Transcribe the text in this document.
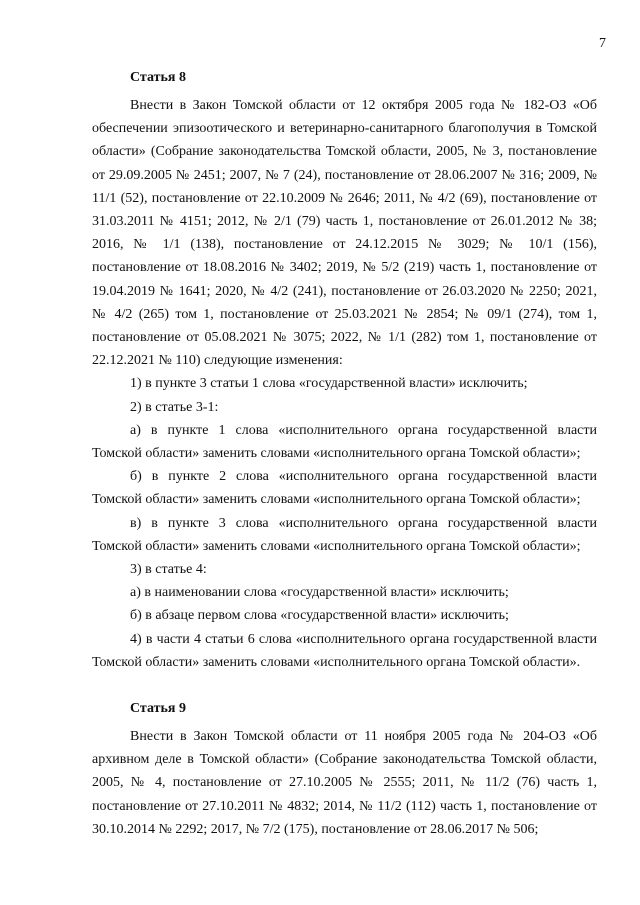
7
Статья 8

Внести в Закон Томской области от 12 октября 2005 года № 182-ОЗ «Об обеспечении эпизоотического и ветеринарно-санитарного благополучия в Томской области» (Собрание законодательства Томской области, 2005, № 3, постановление от 29.09.2005 № 2451; 2007, № 7 (24), постановление от 28.06.2007 № 316; 2009, № 11/1 (52), постановление от 22.10.2009 № 2646; 2011, № 4/2 (69), постановление от 31.03.2011 № 4151; 2012, № 2/1 (79) часть 1, постановление от 26.01.2012 № 38; 2016, № 1/1 (138), постановление от 24.12.2015 № 3029; № 10/1 (156), постановление от 18.08.2016 № 3402; 2019, № 5/2 (219) часть 1, постановление от 19.04.2019 № 1641; 2020, № 4/2 (241), постановление от 26.03.2020 № 2250; 2021, № 4/2 (265) том 1, постановление от 25.03.2021 № 2854; № 09/1 (274), том 1, постановление от 05.08.2021 № 3075; 2022, № 1/1 (282) том 1, постановление от 22.12.2021 № 110) следующие изменения:

1) в пункте 3 статьи 1 слова «государственной власти» исключить;

2) в статье 3-1:

а) в пункте 1 слова «исполнительного органа государственной власти Томской области» заменить словами «исполнительного органа Томской области»;

б) в пункте 2 слова «исполнительного органа государственной власти Томской области» заменить словами «исполнительного органа Томской области»;

в) в пункте 3 слова «исполнительного органа государственной власти Томской области» заменить словами «исполнительного органа Томской области»;

3) в статье 4:

а) в наименовании слова «государственной власти» исключить;

б) в абзаце первом слова «государственной власти» исключить;

4) в части 4 статьи 6 слова «исполнительного органа государственной власти Томской области» заменить словами «исполнительного органа Томской области».

Статья 9

Внести в Закон Томской области от 11 ноября 2005 года № 204-ОЗ «Об архивном деле в Томской области» (Собрание законодательства Томской области, 2005, № 4, постановление от 27.10.2005 № 2555; 2011, № 11/2 (76) часть 1, постановление от 27.10.2011 № 4832; 2014, № 11/2 (112) часть 1, постановление от 30.10.2014 № 2292; 2017, № 7/2 (175), постановление от 28.06.2017 № 506;
